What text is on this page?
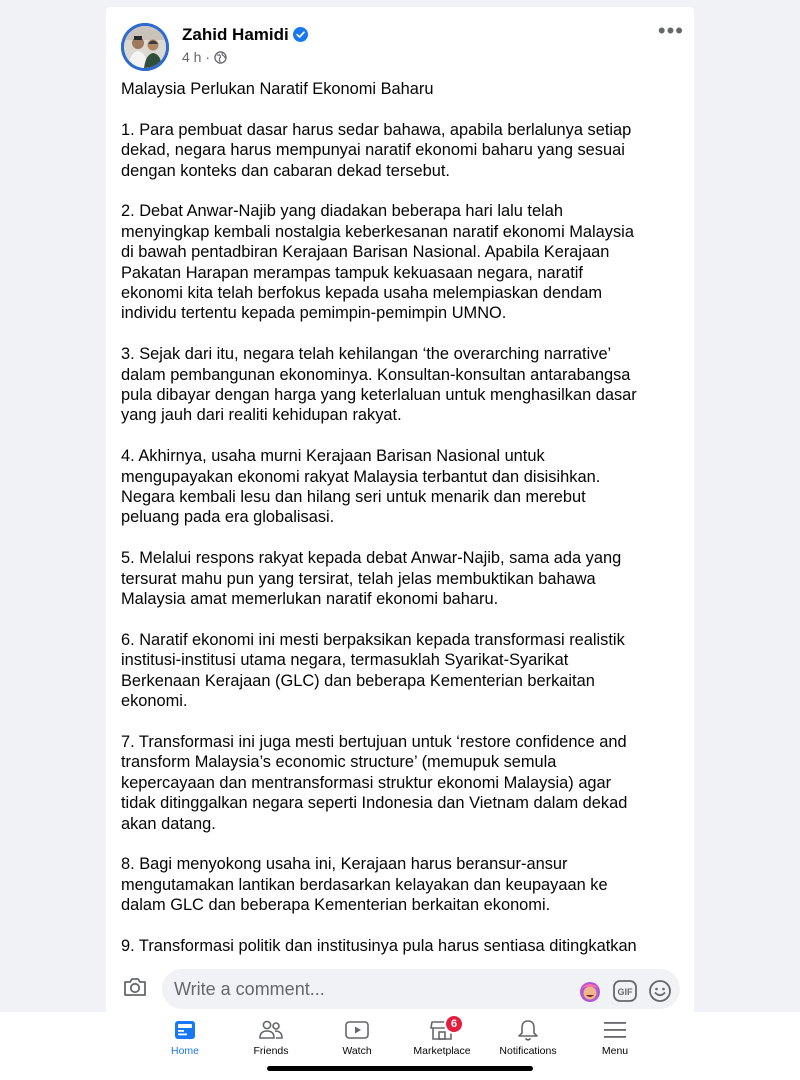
Zahid Hamidi
4 h ·
•••

Malaysia Perlukan Naratif Ekonomi Baharu

1. Para pembuat dasar harus sedar bahawa, apabila berlalunya setiap
dekad, negara harus mempunyai naratif ekonomi baharu yang sesuai
dengan konteks dan cabaran dekad tersebut.

2. Debat Anwar-Najib yang diadakan beberapa hari lalu telah
menyingkap kembali nostalgia keberkesanan naratif ekonomi Malaysia
di bawah pentadbiran Kerajaan Barisan Nasional. Apabila Kerajaan
Pakatan Harapan merampas tampuk kekuasaan negara, naratif
ekonomi kita telah berfokus kepada usaha melempiaskan dendam
individu tertentu kepada pemimpin-pemimpin UMNO.

3. Sejak dari itu, negara telah kehilangan ‘the overarching narrative’
dalam pembangunan ekonominya. Konsultan-konsultan antarabangsa
pula dibayar dengan harga yang keterlaluan untuk menghasilkan dasar
yang jauh dari realiti kehidupan rakyat.

4. Akhirnya, usaha murni Kerajaan Barisan Nasional untuk
mengupayakan ekonomi rakyat Malaysia terbantut dan disisihkan.
Negara kembali lesu dan hilang seri untuk menarik dan merebut
peluang pada era globalisasi.

5. Melalui respons rakyat kepada debat Anwar-Najib, sama ada yang
tersurat mahu pun yang tersirat, telah jelas membuktikan bahawa
Malaysia amat memerlukan naratif ekonomi baharu.

6. Naratif ekonomi ini mesti berpaksikan kepada transformasi realistik
institusi-institusi utama negara, termasuklah Syarikat-Syarikat
Berkenaan Kerajaan (GLC) dan beberapa Kementerian berkaitan
ekonomi.

7. Transformasi ini juga mesti bertujuan untuk ‘restore confidence and
transform Malaysia’s economic structure’ (memupuk semula
kepercayaan dan mentransformasi struktur ekonomi Malaysia) agar
tidak ditinggalkan negara seperti Indonesia dan Vietnam dalam dekad
akan datang.

8. Bagi menyokong usaha ini, Kerajaan harus beransur-ansur
mengutamakan lantikan berdasarkan kelayakan dan keupayaan ke
dalam GLC dan beberapa Kementerian berkaitan ekonomi.

9. Transformasi politik dan institusinya pula harus sentiasa ditingkatkan

Write a comment...
GIF
Home	Friends	Watch
6
Marketplace	Notifications	Menu
